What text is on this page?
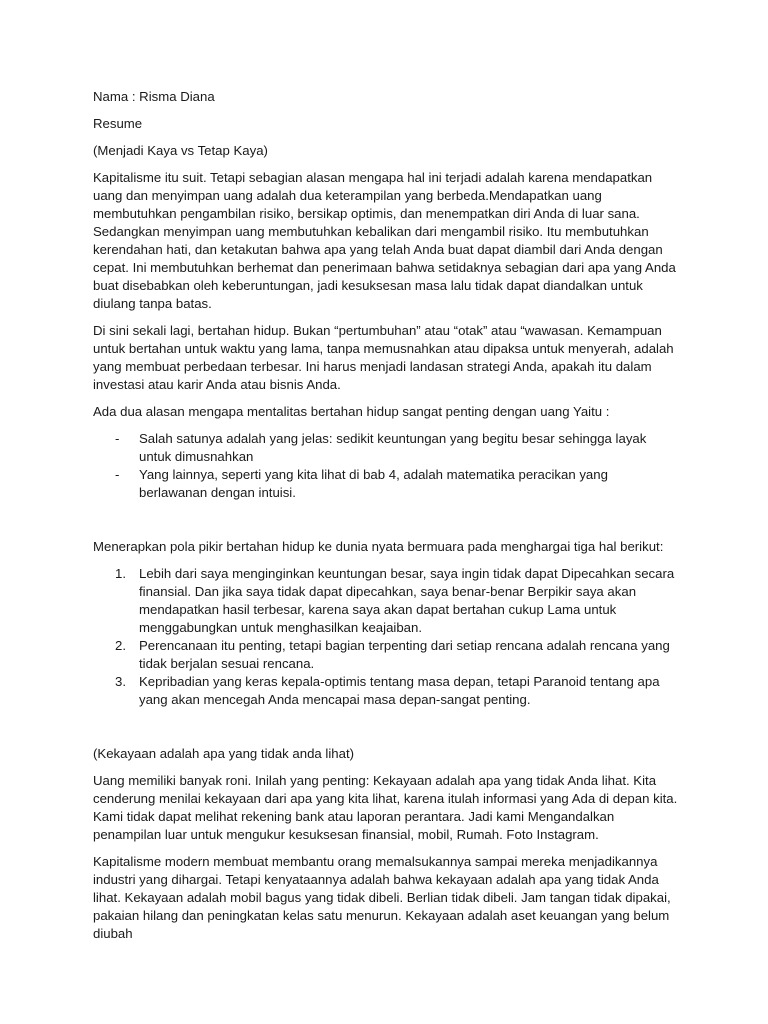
Nama : Risma Diana

Resume

(Menjadi Kaya vs Tetap Kaya)

Kapitalisme itu suit. Tetapi sebagian alasan mengapa hal ini terjadi adalah karena mendapatkan uang dan menyimpan uang adalah dua keterampilan yang berbeda.Mendapatkan uang membutuhkan pengambilan risiko, bersikap optimis, dan menempatkan diri Anda di luar sana. Sedangkan menyimpan uang membutuhkan kebalikan dari mengambil risiko. Itu membutuhkan kerendahan hati, dan ketakutan bahwa apa yang telah Anda buat dapat diambil dari Anda dengan cepat. Ini membutuhkan berhemat dan penerimaan bahwa setidaknya sebagian dari apa yang Anda buat disebabkan oleh keberuntungan, jadi kesuksesan masa lalu tidak dapat diandalkan untuk diulang tanpa batas.

Di sini sekali lagi, bertahan hidup. Bukan “pertumbuhan” atau “otak” atau “wawasan. Kemampuan untuk bertahan untuk waktu yang lama, tanpa memusnahkan atau dipaksa untuk menyerah, adalah yang membuat perbedaan terbesar. Ini harus menjadi landasan strategi Anda, apakah itu dalam investasi atau karir Anda atau bisnis Anda.

Ada dua alasan mengapa mentalitas bertahan hidup sangat penting dengan uang Yaitu :

- Salah satunya adalah yang jelas: sedikit keuntungan yang begitu besar sehingga layak untuk dimusnahkan
- Yang lainnya, seperti yang kita lihat di bab 4, adalah matematika peracikan yang berlawanan dengan intuisi.

Menerapkan pola pikir bertahan hidup ke dunia nyata bermuara pada menghargai tiga hal berikut:

1. Lebih dari saya menginginkan keuntungan besar, saya ingin tidak dapat Dipecahkan secara finansial. Dan jika saya tidak dapat dipecahkan, saya benar-benar Berpikir saya akan mendapatkan hasil terbesar, karena saya akan dapat bertahan cukup Lama untuk menggabungkan untuk menghasilkan keajaiban.
2. Perencanaan itu penting, tetapi bagian terpenting dari setiap rencana adalah rencana yang tidak berjalan sesuai rencana.
3. Kepribadian yang keras kepala-optimis tentang masa depan, tetapi Paranoid tentang apa yang akan mencegah Anda mencapai masa depan-sangat penting.

(Kekayaan adalah apa yang tidak anda lihat)

Uang memiliki banyak roni. Inilah yang penting: Kekayaan adalah apa yang tidak Anda lihat. Kita cenderung menilai kekayaan dari apa yang kita lihat, karena itulah informasi yang Ada di depan kita. Kami tidak dapat melihat rekening bank atau laporan perantara. Jadi kami Mengandalkan penampilan luar untuk mengukur kesuksesan finansial, mobil, Rumah. Foto Instagram.

Kapitalisme modern membuat membantu orang memalsukannya sampai mereka menjadikannya industri yang dihargai. Tetapi kenyataannya adalah bahwa kekayaan adalah apa yang tidak Anda lihat. Kekayaan adalah mobil bagus yang tidak dibeli. Berlian tidak dibeli. Jam tangan tidak dipakai, pakaian hilang dan peningkatan kelas satu menurun. Kekayaan adalah aset keuangan yang belum diubah
